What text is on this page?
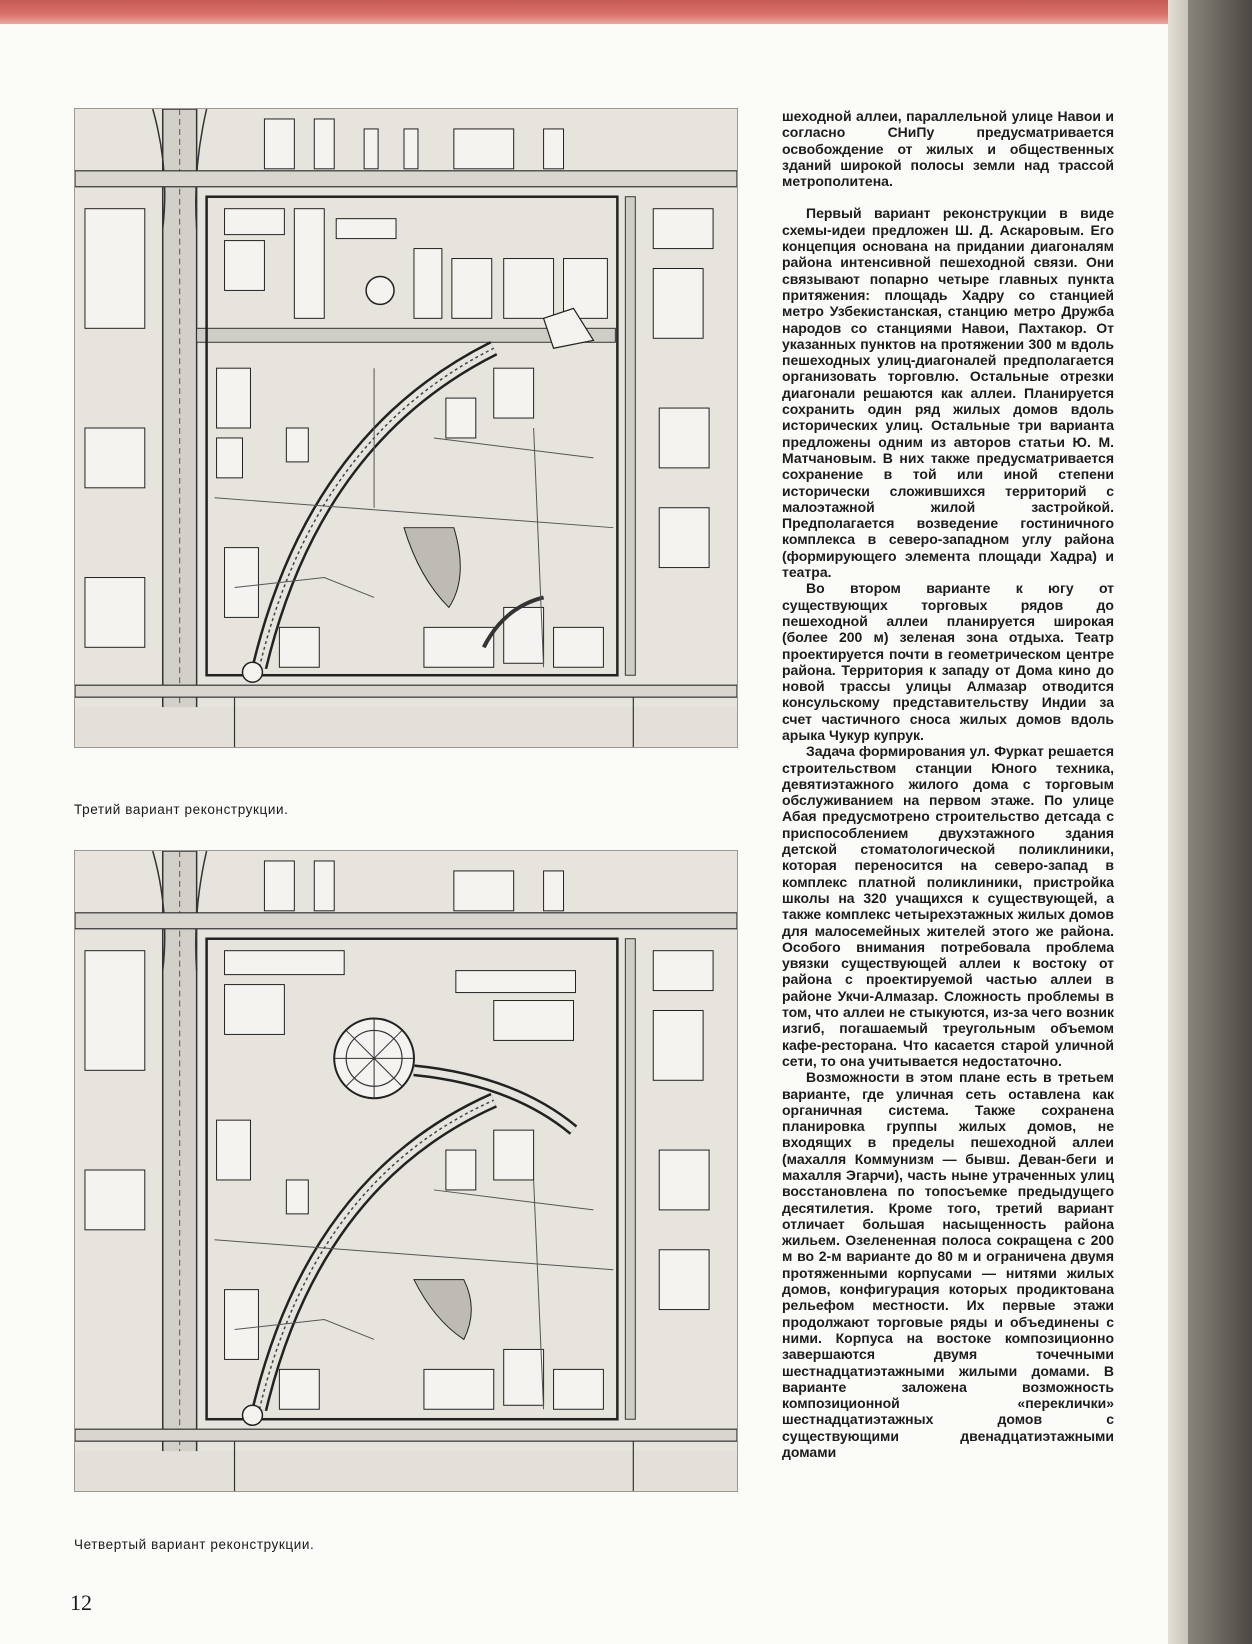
Третий вариант реконструкции.
Четвертый вариант реконструкции.
12

шеходной аллеи, параллельной улице Навои и согласно СНиПу предусматривается освобождение от жилых и общественных зданий широкой полосы земли над трассой метрополитена.

Первый вариант реконструкции в виде схемы-идеи предложен Ш. Д. Аскаровым. Его концепция основана на придании диагоналям района интенсивной пешеходной связи. Они связывают попарно четыре главных пункта притяжения: площадь Хадру со станцией метро Узбекистанская, станцию метро Дружба народов со станциями Навои, Пахтакор. От указанных пунктов на протяжении 300 м вдоль пешеходных улиц-диагоналей предполагается организовать торговлю. Остальные отрезки диагонали решаются как аллеи. Планируется сохранить один ряд жилых домов вдоль исторических улиц. Остальные три варианта предложены одним из авторов статьи Ю. М. Матчановым. В них также предусматривается сохранение в той или иной степени исторически сложившихся территорий с малоэтажной жилой застройкой. Предполагается возведение гостиничного комплекса в северо-западном углу района (формирующего элемента площади Хадра) и театра.

Во втором варианте к югу от существующих торговых рядов до пешеходной аллеи планируется широкая (более 200 м) зеленая зона отдыха. Театр проектируется почти в геометрическом центре района. Территория к западу от Дома кино до новой трассы улицы Алмазар отводится консульскому представительству Индии за счет частичного сноса жилых домов вдоль арыка Чукур купрук.

Задача формирования ул. Фуркат решается строительством станции Юного техника, девятиэтажного жилого дома с торговым обслуживанием на первом этаже. По улице Абая предусмотрено строительство детсада с приспособлением двухэтажного здания детской стоматологической поликлиники, которая переносится на северо-запад в комплекс платной поликлиники, пристройка школы на 320 учащихся к существующей, а также комплекс четырехэтажных жилых домов для малосемейных жителей этого же района. Особого внимания потребовала проблема увязки существующей аллеи к востоку от района с проектируемой частью аллеи в районе Укчи-Алмазар. Сложность проблемы в том, что аллеи не стыкуются, из-за чего возник изгиб, погашаемый треугольным объемом кафе-ресторана. Что касается старой уличной сети, то она учитывается недостаточно.

Возможности в этом плане есть в третьем варианте, где уличная сеть оставлена как органичная система. Также сохранена планировка группы жилых домов, не входящих в пределы пешеходной аллеи (махалля Коммунизм — бывш. Деван-беги и махалля Эгарчи), часть ныне утраченных улиц восстановлена по топосъемке предыдущего десятилетия. Кроме того, третий вариант отличает большая насыщенность района жильем. Озелененная полоса сокращена с 200 м во 2-м варианте до 80 м и ограничена двумя протяженными корпусами — нитями жилых домов, конфигурация которых продиктована рельефом местности. Их первые этажи продолжают торговые ряды и объединены с ними. Корпуса на востоке композиционно завершаются двумя точечными шестнадцатиэтажными жилыми домами. В варианте заложена возможность композиционной «переклички» шестнадцатиэтажных домов с существующими двенадцатиэтажными домами
